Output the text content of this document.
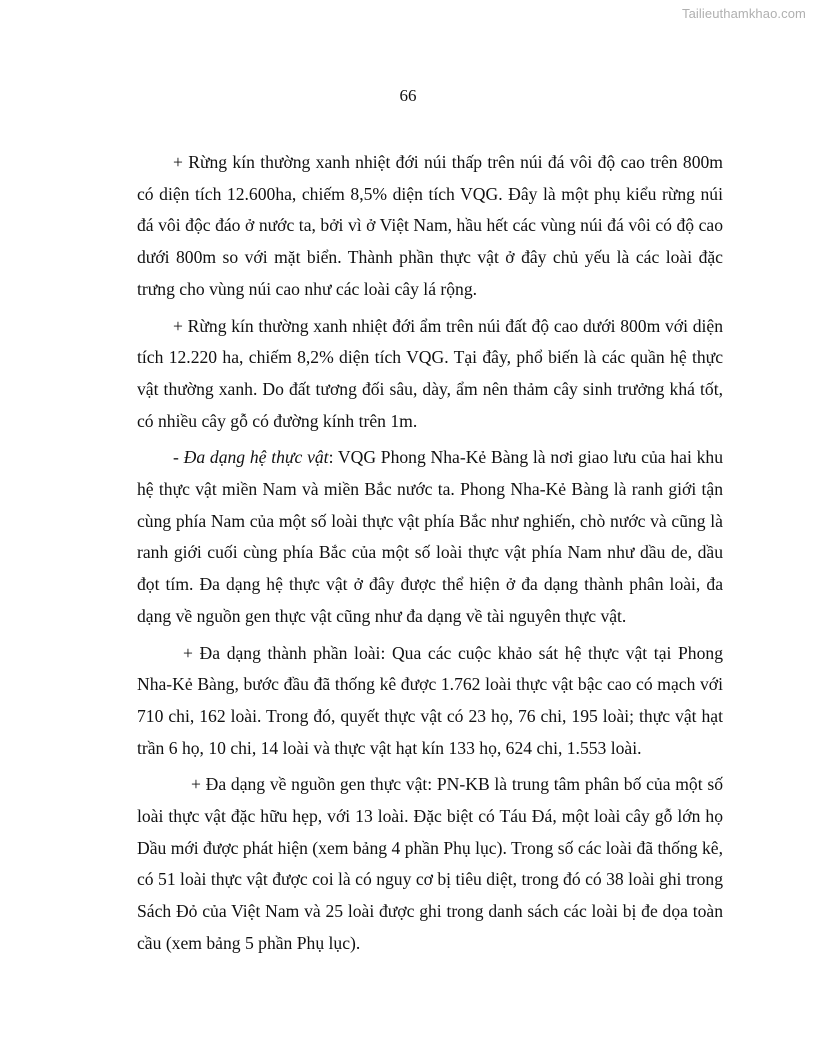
Tailieuthamkhao.com
66

+ Rừng kín thường xanh nhiệt đới núi thấp trên núi đá vôi độ cao trên 800m có diện tích 12.600ha, chiếm 8,5% diện tích VQG. Đây là một phụ kiểu rừng núi đá vôi độc đáo ở nước ta, bởi vì ở Việt Nam, hầu hết các vùng núi đá vôi có độ cao dưới 800m so với mặt biển. Thành phần thực vật ở đây chủ yếu là các loài đặc trưng cho vùng núi cao như các loài cây lá rộng.

+ Rừng kín thường xanh nhiệt đới ẩm trên núi đất độ cao dưới 800m với diện tích 12.220 ha, chiếm 8,2% diện tích VQG. Tại đây, phổ biến là các quần hệ thực vật thường xanh. Do đất tương đối sâu, dày, ẩm nên thảm cây sinh trưởng khá tốt, có nhiều cây gỗ có đường kính trên 1m.

- Đa dạng hệ thực vật: VQG Phong Nha-Kẻ Bàng là nơi giao lưu của hai khu hệ thực vật miền Nam và miền Bắc nước ta. Phong Nha-Kẻ Bàng là ranh giới tận cùng phía Nam của một số loài thực vật phía Bắc như nghiến, chò nước và cũng là ranh giới cuối cùng phía Bắc của một số loài thực vật phía Nam như dầu de, dầu đọt tím. Đa dạng hệ thực vật ở đây được thể hiện ở đa dạng thành phân loài, đa dạng về nguồn gen thực vật cũng như đa dạng về tài nguyên thực vật.

+ Đa dạng thành phần loài: Qua các cuộc khảo sát hệ thực vật tại Phong Nha-Kẻ Bàng, bước đầu đã thống kê được 1.762 loài thực vật bậc cao có mạch với 710 chi, 162 loài. Trong đó, quyết thực vật có 23 họ, 76 chi, 195 loài; thực vật hạt trần 6 họ, 10 chi, 14 loài và thực vật hạt kín 133 họ, 624 chi, 1.553 loài.

+ Đa dạng về nguồn gen thực vật: PN-KB là trung tâm phân bố của một số loài thực vật đặc hữu hẹp, với 13 loài. Đặc biệt có Táu Đá, một loài cây gỗ lớn họ Dầu mới được phát hiện (xem bảng 4 phần Phụ lục). Trong số các loài đã thống kê, có 51 loài thực vật được coi là có nguy cơ bị tiêu diệt, trong đó có 38 loài ghi trong Sách Đỏ của Việt Nam và 25 loài được ghi trong danh sách các loài bị đe dọa toàn cầu (xem bảng 5 phần Phụ lục).
